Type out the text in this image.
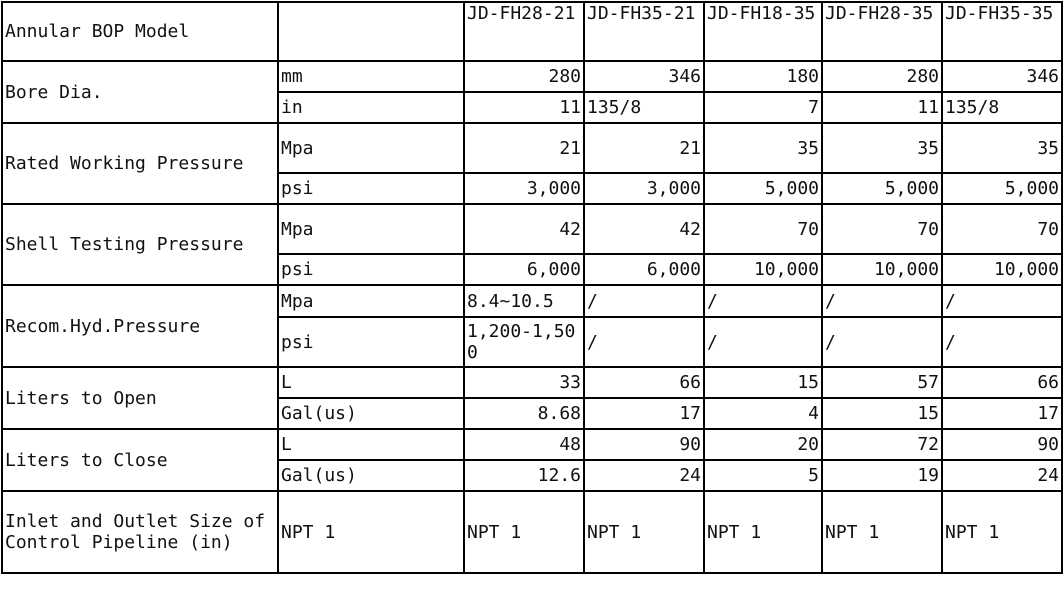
Annular BOP Model		JD-FH28-21	JD-FH35-21	JD-FH18-35	JD-FH28-35	JD-FH35-35
Bore Dia.	mm	280	346	180	280	346
	in	11	135/8	7	11	135/8
Rated Working Pressure	Mpa	21	21	35	35	35
	psi	3,000	3,000	5,000	5,000	5,000
Shell Testing Pressure	Mpa	42	42	70	70	70
	psi	6,000	6,000	10,000	10,000	10,000
Recom.Hyd.Pressure	Mpa	8.4~10.5	/	/	/	/
	psi	1,200-1,500	/	/	/	/
Liters to Open	L	33	66	15	57	66
	Gal(us)	8.68	17	4	15	17
Liters to Close	L	48	90	20	72	90
	Gal(us)	12.6	24	5	19	24
Inlet and Outlet Size of Control Pipeline (in)	NPT 1	NPT 1	NPT 1	NPT 1	NPT 1	NPT 1
